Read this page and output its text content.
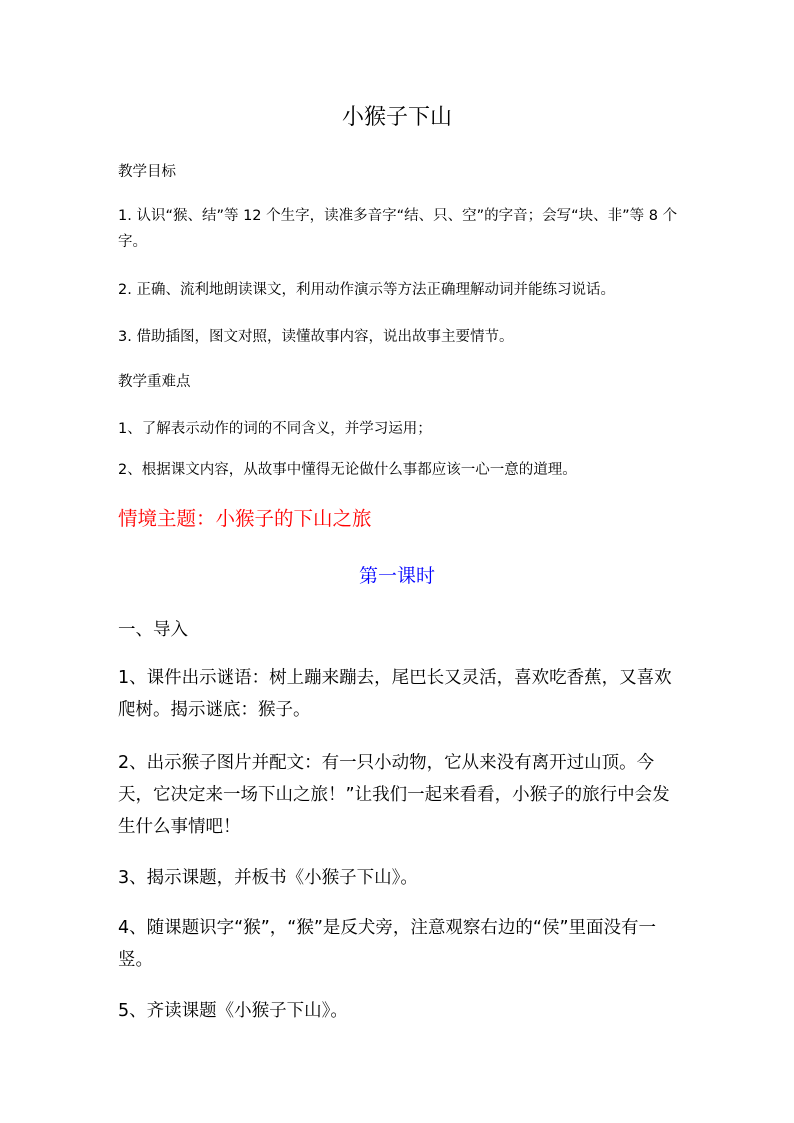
小猴子下山
教学目标
1. 认识“猴、结”等 12 个生字，读准多音字“结、只、空”的字音；会写“块、非”等 8 个字。
2. 正确、流利地朗读课文，利用动作演示等方法正确理解动词并能练习说话。
3. 借助插图，图文对照，读懂故事内容，说出故事主要情节。
教学重难点
1、了解表示动作的词的不同含义，并学习运用；
2、根据课文内容，从故事中懂得无论做什么事都应该一心一意的道理。
情境主题：小猴子的下山之旅
第一课时
一、导入
1、课件出示谜语：树上蹦来蹦去，尾巴长又灵活，喜欢吃香蕉，又喜欢爬树。揭示谜底：猴子。
2、出示猴子图片并配文：有一只小动物，它从来没有离开过山顶。今天，它决定来一场下山之旅！”让我们一起来看看，小猴子的旅行中会发生什么事情吧！
3、揭示课题，并板书《小猴子下山》。
4、随课题识字“猴”，“猴”是反犬旁，注意观察右边的“侯”里面没有一竖。
5、齐读课题《小猴子下山》。
